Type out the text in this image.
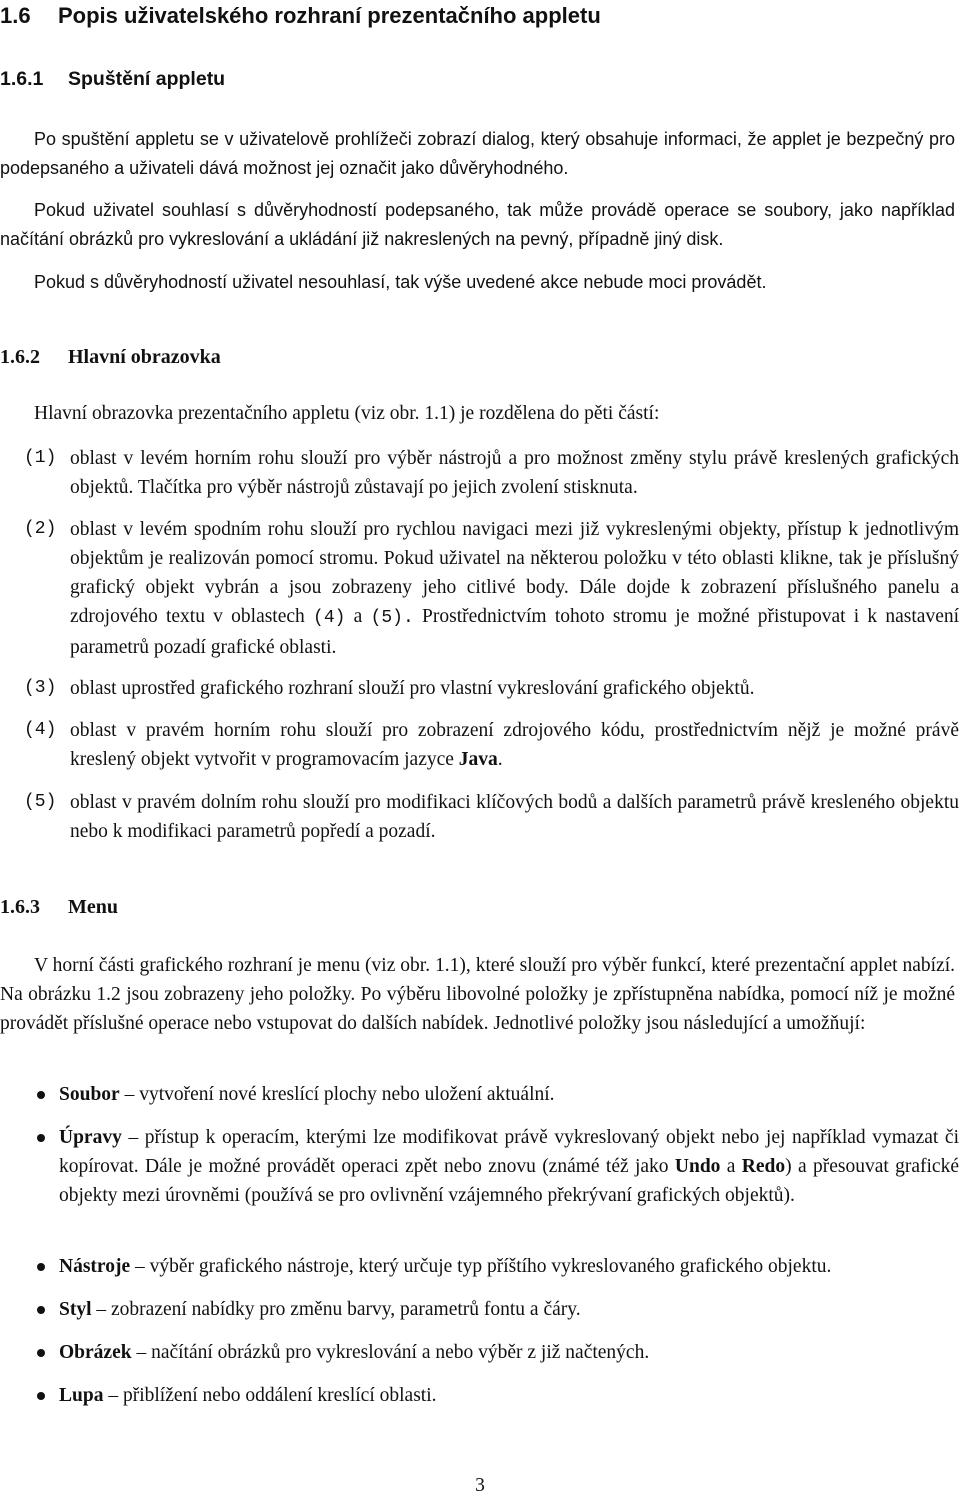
1.6 Popis uživatelského rozhraní prezentačního appletu
1.6.1 Spuštění appletu
Po spuštění appletu se v uživatelově prohlížeči zobrazí dialog, který obsahuje informaci, že applet je bezpečný pro podepsaného a uživateli dává možnost jej označit jako důvěryhodného.
Pokud uživatel souhlasí s důvěryhodností podepsaného, tak může provádě operace se soubory, jako například načítání obrázků pro vykreslování a ukládání již nakreslených na pevný, případně jiný disk.
Pokud s důvěryhodností uživatel nesouhlasí, tak výše uvedené akce nebude moci provádět.
1.6.2 Hlavní obrazovka
Hlavní obrazovka prezentačního appletu (viz obr. 1.1) je rozdělena do pěti částí:
(1) oblast v levém horním rohu slouží pro výběr nástrojů a pro možnost změny stylu právě kreslených grafických objektů. Tlačítka pro výběr nástrojů zůstavají po jejich zvolení stisknuta.
(2) oblast v levém spodním rohu slouží pro rychlou navigaci mezi již vykreslenými objekty, přístup k jednotlivým objektům je realizován pomocí stromu. Pokud uživatel na některou položku v této oblasti klikne, tak je příslušný grafický objekt vybrán a jsou zobrazeny jeho citlivé body. Dále dojde k zobrazení příslušného panelu a zdrojového textu v oblastech (4) a (5). Prostřednictvím tohoto stromu je možné přistupovat i k nastavení parametrů pozadí grafické oblasti.
(3) oblast uprostřed grafického rozhraní slouží pro vlastní vykreslování grafického objektů.
(4) oblast v pravém horním rohu slouží pro zobrazení zdrojového kódu, prostřednictvím nějž je možné právě kreslený objekt vytvořit v programovacím jazyce Java.
(5) oblast v pravém dolním rohu slouží pro modifikaci klíčových bodů a dalších parametrů právě kresleného objektu nebo k modifikaci parametrů popředí a pozadí.
1.6.3 Menu
V horní části grafického rozhraní je menu (viz obr. 1.1), které slouží pro výběr funkcí, které prezentační applet nabízí. Na obrázku 1.2 jsou zobrazeny jeho položky. Po výběru libovolné položky je zpřístupněna nabídka, pomocí níž je možné provádět příslušné operace nebo vstupovat do dalších nabídek. Jednotlivé položky jsou následující a umožňují:
Soubor – vytvoření nové kreslící plochy nebo uložení aktuální.
Úpravy – přístup k operacím, kterými lze modifikovat právě vykreslovaný objekt nebo jej například vymazat či kopírovat. Dále je možné provádět operaci zpět nebo znovu (známé též jako Undo a Redo) a přesouvat grafické objekty mezi úrovněmi (používá se pro ovlivnění vzájemného překrývaní grafických objektů).
Nástroje – výběr grafického nástroje, který určuje typ příštího vykreslovaného grafického objektu.
Styl – zobrazení nabídky pro změnu barvy, parametrů fontu a čáry.
Obrázek – načítání obrázků pro vykreslování a nebo výběr z již načtených.
Lupa – přiblížení nebo oddálení kreslící oblasti.
3
